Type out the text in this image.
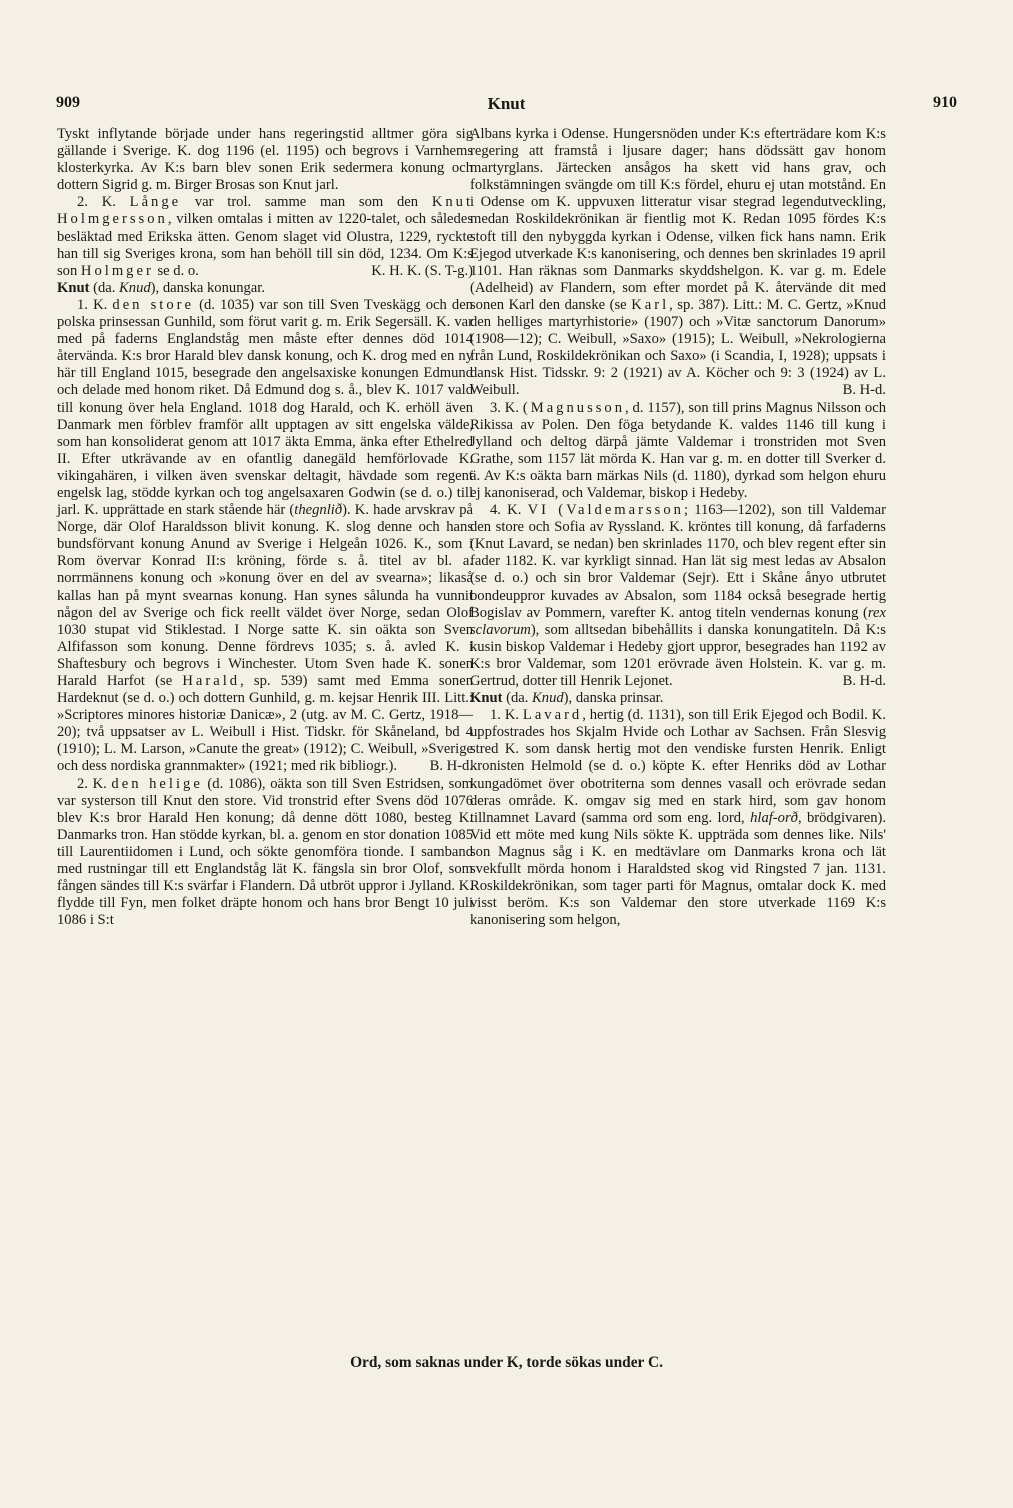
909	Knut	910

Tyskt inflytande började under hans regeringstid alltmer göra sig gällande i Sverige. K. dog 1196 (el. 1195) och begrovs i Varnhems klosterkyrka. Av K:s barn blev sonen Erik sedermera konung och dottern Sigrid g. m. Birger Brosas son Knut jarl.

2. K. Långe var trol. samme man som den Knut Holmgersson, vilken omtalas i mitten av 1220-talet, och således besläktad med Erikska ätten. Genom slaget vid Olustra, 1229, ryckte han till sig Sveriges krona, som han behöll till sin död, 1234. Om K:s son Holmger se d. o.	K. H. K. (S. T-g.)

Knut (da. Knud), danska konungar.

1. K. den store (d. 1035) var son till Sven Tveskägg och den polska prinsessan Gunhild, som förut varit g. m. Erik Segersäll. K. var med på faderns Englandståg men måste efter dennes död 1014 återvända. K:s bror Harald blev dansk konung, och K. drog med en ny här till England 1015, besegrade den angelsaxiske konungen Edmund och delade med honom riket. Då Edmund dog s. å., blev K. 1017 vald till konung över hela England. 1018 dog Harald, och K. erhöll även Danmark men förblev framför allt upptagen av sitt engelska välde, som han konsoliderat genom att 1017 äkta Emma, änka efter Ethelred II. Efter utkrävande av en ofantlig danegäld hemförlovade K. vikingahären, i vilken även svenskar deltagit, hävdade som regent engelsk lag, stödde kyrkan och tog angelsaxaren Godwin (se d. o.) till jarl. K. upprättade en stark stående här (thegnlið). K. hade arvskrav på Norge, där Olof Haraldsson blivit konung. K. slog denne och hans bundsförvant konung Anund av Sverige i Helgeån 1026. K., som i Rom övervar Konrad II:s kröning, förde s. å. titel av bl. a. norrmännens konung och »konung över en del av svearna»; likaså kallas han på mynt svearnas konung. Han synes sålunda ha vunnit någon del av Sverige och fick reellt väldet över Norge, sedan Olof 1030 stupat vid Stiklestad. I Norge satte K. sin oäkta son Sven Alfifasson som konung. Denne fördrevs 1035; s. å. avled K. i Shaftesbury och begrovs i Winchester. Utom Sven hade K. sonen Harald Harfot (se Harald, sp. 539) samt med Emma sonen Hardeknut (se d. o.) och dottern Gunhild, g. m. kejsar Henrik III. Litt.: »Scriptores minores historiæ Danicæ», 2 (utg. av M. C. Gertz, 1918—20); två uppsatser av L. Weibull i Hist. Tidskr. för Skåneland, bd 4 (1910); L. M. Larson, »Canute the great» (1912); C. Weibull, »Sverige och dess nordiska grannmakter» (1921; med rik bibliogr.).	B. H-d.

2. K. den helige (d. 1086), oäkta son till Sven Estridsen, som var systerson till Knut den store. Vid tronstrid efter Svens död 1076 blev K:s bror Harald Hen konung; då denne dött 1080, besteg K. Danmarks tron. Han stödde kyrkan, bl. a. genom en stor donation 1085 till Laurentiidomen i Lund, och sökte genomföra tionde. I samband med rustningar till ett Englandståg lät K. fängsla sin bror Olof, som fången sändes till K:s svärfar i Flandern. Då utbröt uppror i Jylland. K. flydde till Fyn, men folket dräpte honom och hans bror Bengt 10 juli 1086 i S:t

Albans kyrka i Odense. Hungersnöden under K:s efterträdare kom K:s regering att framstå i ljusare dager; hans dödssätt gav honom martyrglans. Järtecken ansågos ha skett vid hans grav, och folkstämningen svängde om till K:s fördel, ehuru ej utan motstånd. En i Odense om K. uppvuxen litteratur visar stegrad legendutveckling, medan Roskildekrönikan är fientlig mot K. Redan 1095 fördes K:s stoft till den nybyggda kyrkan i Odense, vilken fick hans namn. Erik Ejegod utverkade K:s kanonisering, och dennes ben skrinlades 19 april 1101. Han räknas som Danmarks skyddshelgon. K. var g. m. Edele (Adelheid) av Flandern, som efter mordet på K. återvände dit med sonen Karl den danske (se Karl, sp. 387). Litt.: M. C. Gertz, »Knud den helliges martyrhistorie» (1907) och »Vitæ sanctorum Danorum» (1908—12); C. Weibull, »Saxo» (1915); L. Weibull, »Nekrologierna från Lund, Roskildekrönikan och Saxo» (i Scandia, I, 1928); uppsats i dansk Hist. Tidsskr. 9: 2 (1921) av A. Köcher och 9: 3 (1924) av L. Weibull.	B. H-d.

3. K. (Magnusson, d. 1157), son till prins Magnus Nilsson och Rikissa av Polen. Den föga betydande K. valdes 1146 till kung i Jylland och deltog därpå jämte Valdemar i tronstriden mot Sven Grathe, som 1157 lät mörda K. Han var g. m. en dotter till Sverker d. ä. Av K:s oäkta barn märkas Nils (d. 1180), dyrkad som helgon ehuru ej kanoniserad, och Valdemar, biskop i Hedeby.

4. K. VI (Valdemarsson; 1163—1202), son till Valdemar den store och Sofia av Ryssland. K. kröntes till konung, då farfaderns (Knut Lavard, se nedan) ben skrinlades 1170, och blev regent efter sin fader 1182. K. var kyrkligt sinnad. Han lät sig mest ledas av Absalon (se d. o.) och sin bror Valdemar (Sejr). Ett i Skåne ånyo utbrutet bondeuppror kuvades av Absalon, som 1184 också besegrade hertig Bogislav av Pommern, varefter K. antog titeln vendernas konung (rex sclavorum), som alltsedan bibehållits i danska konungatiteln. Då K:s kusin biskop Valdemar i Hedeby gjort uppror, besegrades han 1192 av K:s bror Valdemar, som 1201 erövrade även Holstein. K. var g. m. Gertrud, dotter till Henrik Lejonet.	B. H-d.

Knut (da. Knud), danska prinsar.

1. K. Lavard, hertig (d. 1131), son till Erik Ejegod och Bodil. K. uppfostrades hos Skjalm Hvide och Lothar av Sachsen. Från Slesvig stred K. som dansk hertig mot den vendiske fursten Henrik. Enligt kronisten Helmold (se d. o.) köpte K. efter Henriks död av Lothar kungadömet över obotriterna som dennes vasall och erövrade sedan deras område. K. omgav sig med en stark hird, som gav honom tillnamnet Lavard (samma ord som eng. lord, hlaf-orð, brödgivaren). Vid ett möte med kung Nils sökte K. uppträda som dennes like. Nils' son Magnus såg i K. en medtävlare om Danmarks krona och lät svekfullt mörda honom i Haraldsted skog vid Ringsted 7 jan. 1131. Roskildekrönikan, som tager parti för Magnus, omtalar dock K. med visst beröm. K:s son Valdemar den store utverkade 1169 K:s kanonisering som helgon,

Ord, som saknas under K, torde sökas under C.
